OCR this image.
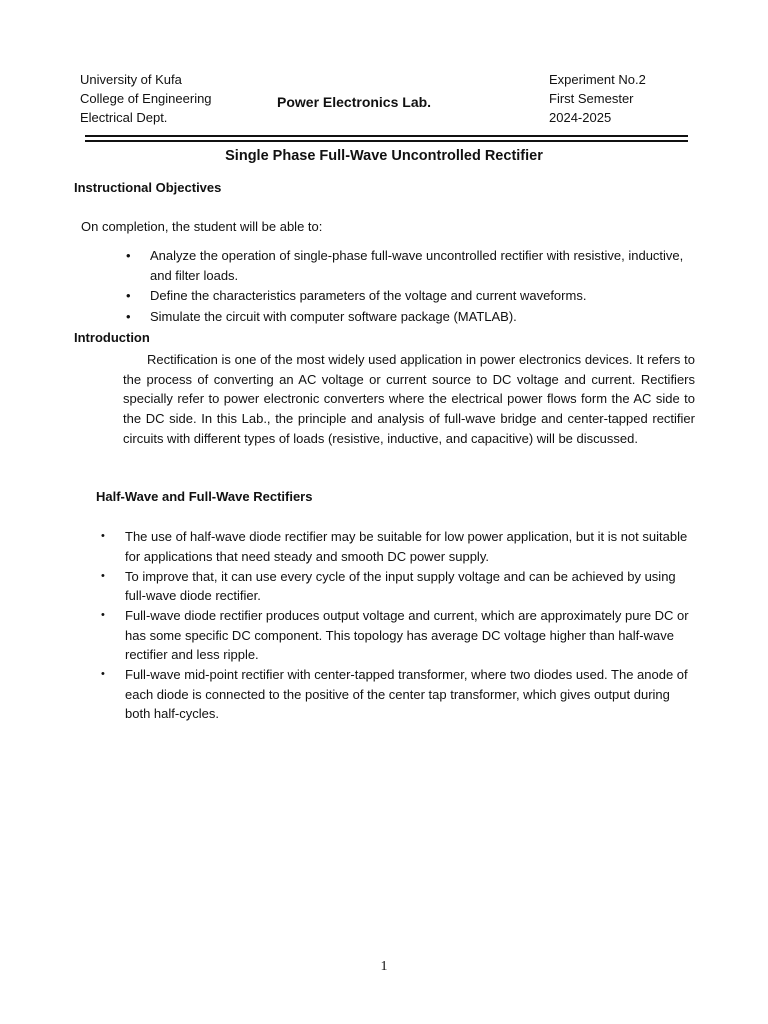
University of Kufa
College of Engineering
Electrical Dept.
Power Electronics Lab.
Experiment No.2
First Semester
2024-2025
Single Phase Full-Wave Uncontrolled Rectifier
Instructional Objectives
On completion, the student will be able to:
• Analyze the operation of single-phase full-wave uncontrolled rectifier with resistive, inductive, and filter loads.
• Define the characteristics parameters of the voltage and current waveforms.
• Simulate the circuit with computer software package (MATLAB).
Introduction

Rectification is one of the most widely used application in power electronics devices. It refers to the process of converting an AC voltage or current source to DC voltage and current. Rectifiers specially refer to power electronic converters where the electrical power flows form the AC side to the DC side. In this Lab., the principle and analysis of full-wave bridge and center-tapped rectifier circuits with different types of loads (resistive, inductive, and capacitive) will be discussed.

Half-Wave and Full-Wave Rectifiers
• The use of half-wave diode rectifier may be suitable for low power application, but it is not suitable for applications that need steady and smooth DC power supply.
• To improve that, it can use every cycle of the input supply voltage and can be achieved by using full-wave diode rectifier.
• Full-wave diode rectifier produces output voltage and current, which are approximately pure DC or has some specific DC component. This topology has average DC voltage higher than half-wave rectifier and less ripple.
• Full-wave mid-point rectifier with center-tapped transformer, where two diodes used. The anode of each diode is connected to the positive of the center tap transformer, which gives output during both half-cycles.
1
